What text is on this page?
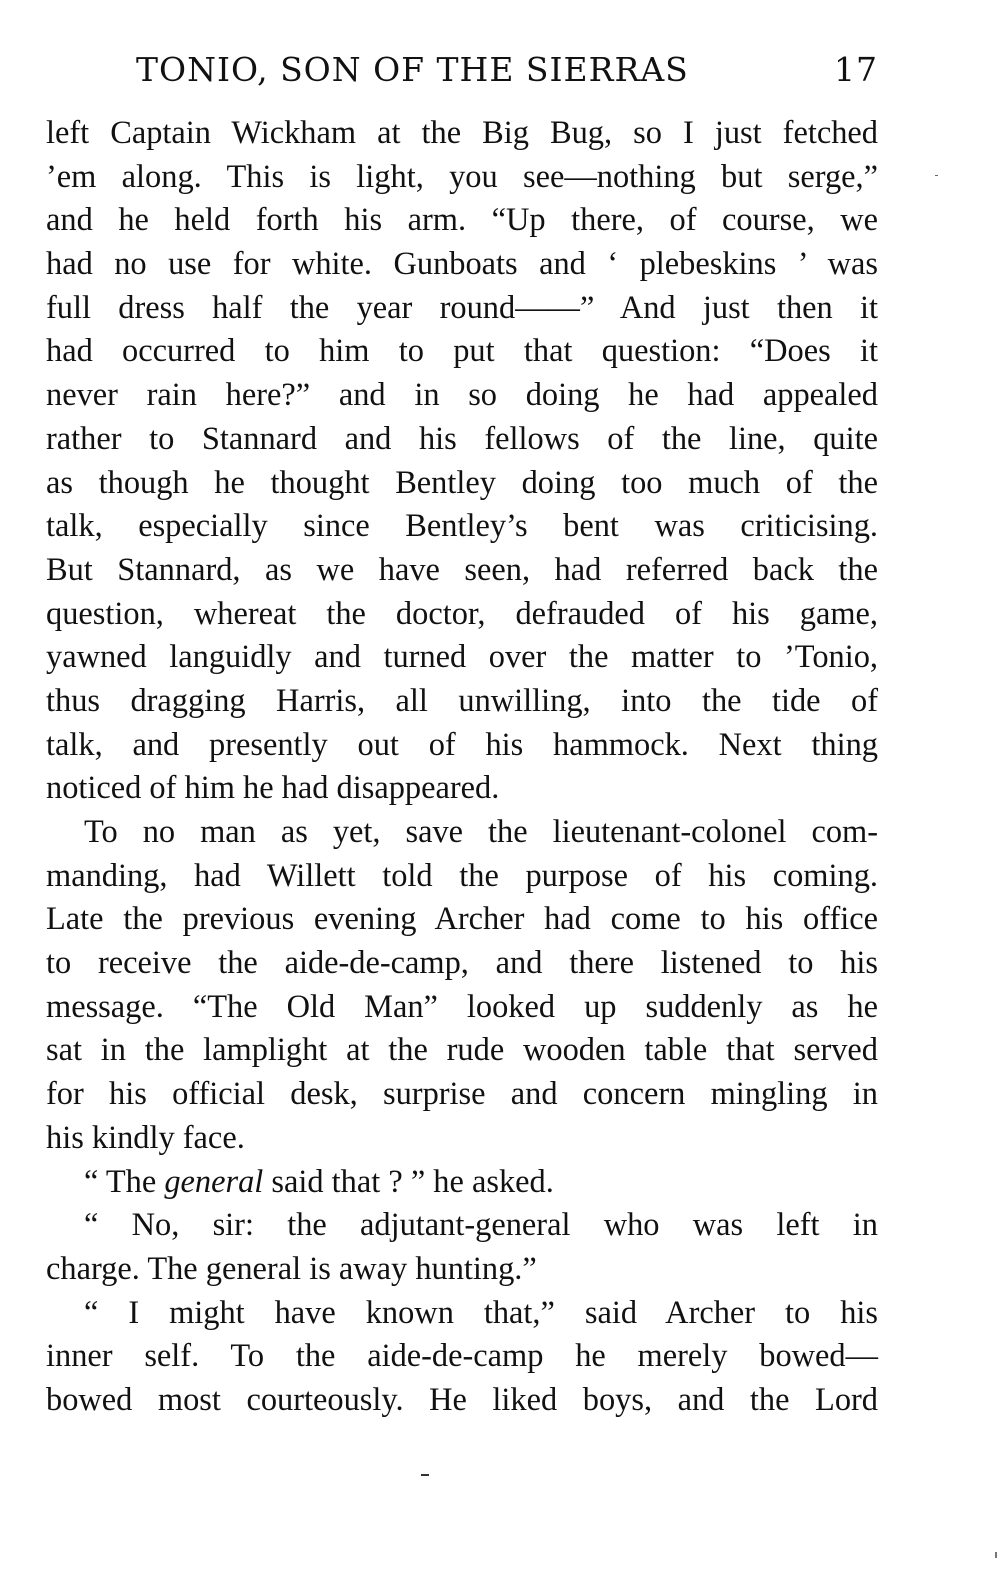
TONIO, SON OF THE SIERRAS	17
left Captain Wickham at the Big Bug, so I just fetched
’em along. This is light, you see—nothing but serge,”
and he held forth his arm. “Up there, of course, we
had no use for white. Gunboats and ‘ plebeskins ’ was
full dress half the year round——” And just then it
had occurred to him to put that question: “Does it
never rain here?” and in so doing he had appealed
rather to Stannard and his fellows of the line, quite
as though he thought Bentley doing too much of the
talk, especially since Bentley’s bent was criticising.
But Stannard, as we have seen, had referred back the
question, whereat the doctor, defrauded of his game,
yawned languidly and turned over the matter to ’Tonio,
thus dragging Harris, all unwilling, into the tide of
talk, and presently out of his hammock. Next thing
noticed of him he had disappeared.
To no man as yet, save the lieutenant-colonel com-
manding, had Willett told the purpose of his coming.
Late the previous evening Archer had come to his office
to receive the aide-de-camp, and there listened to his
message. “The Old Man” looked up suddenly as he
sat in the lamplight at the rude wooden table that served
for his official desk, surprise and concern mingling in
his kindly face.
“ The general said that ? ” he asked.
“ No, sir: the adjutant-general who was left in
charge. The general is away hunting.”
“ I might have known that,” said Archer to his
inner self. To the aide-de-camp he merely bowed—
bowed most courteously. He liked boys, and the Lord
